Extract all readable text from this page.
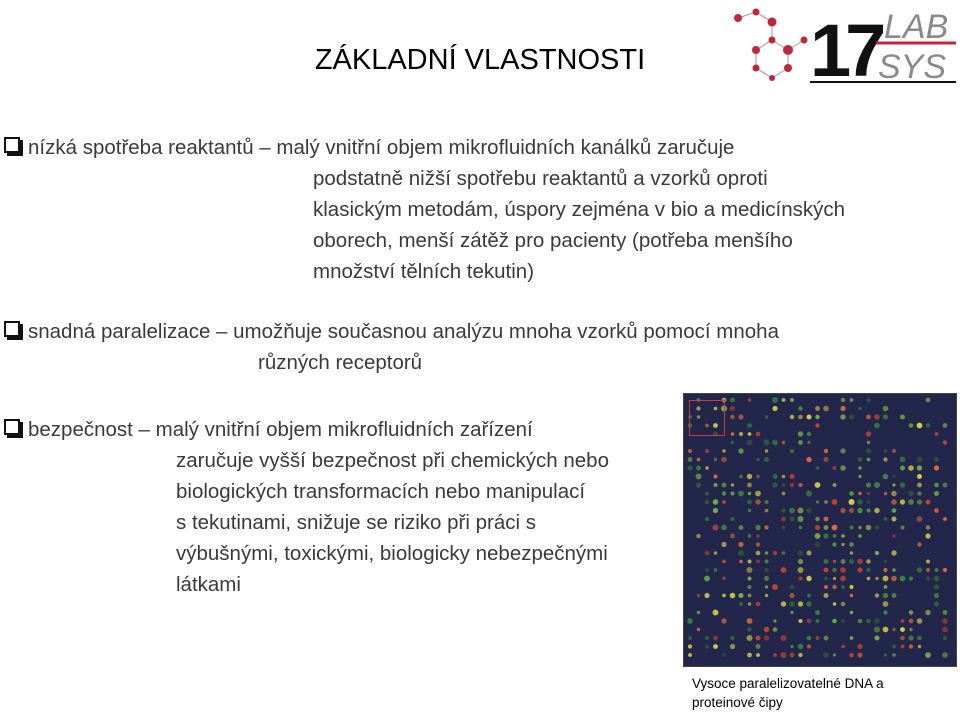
ZÁKLADNÍ VLASTNOSTI	17 LAB
SYS
nízká spotřeba reaktantů – malý vnitřní objem mikrofluidních kanálků zaručuje
podstatně nižší spotřebu reaktantů a vzorků oproti
klasickým metodám, úspory zejména v bio a medicínských
oborech, menší zátěž pro pacienty (potřeba menšího
množství tělních tekutin)
snadná paralelizace – umožňuje současnou analýzu mnoha vzorků pomocí mnoha
různých receptorů
bezpečnost – malý vnitřní objem mikrofluidních zařízení
zaručuje vyšší bezpečnost při chemických nebo
biologických transformacích nebo manipulací
s tekutinami, snižuje se riziko při práci s
výbušnými, toxickými, biologicky nebezpečnými
látkami
Vysoce paralelizovatelné DNA a proteinové čipy
